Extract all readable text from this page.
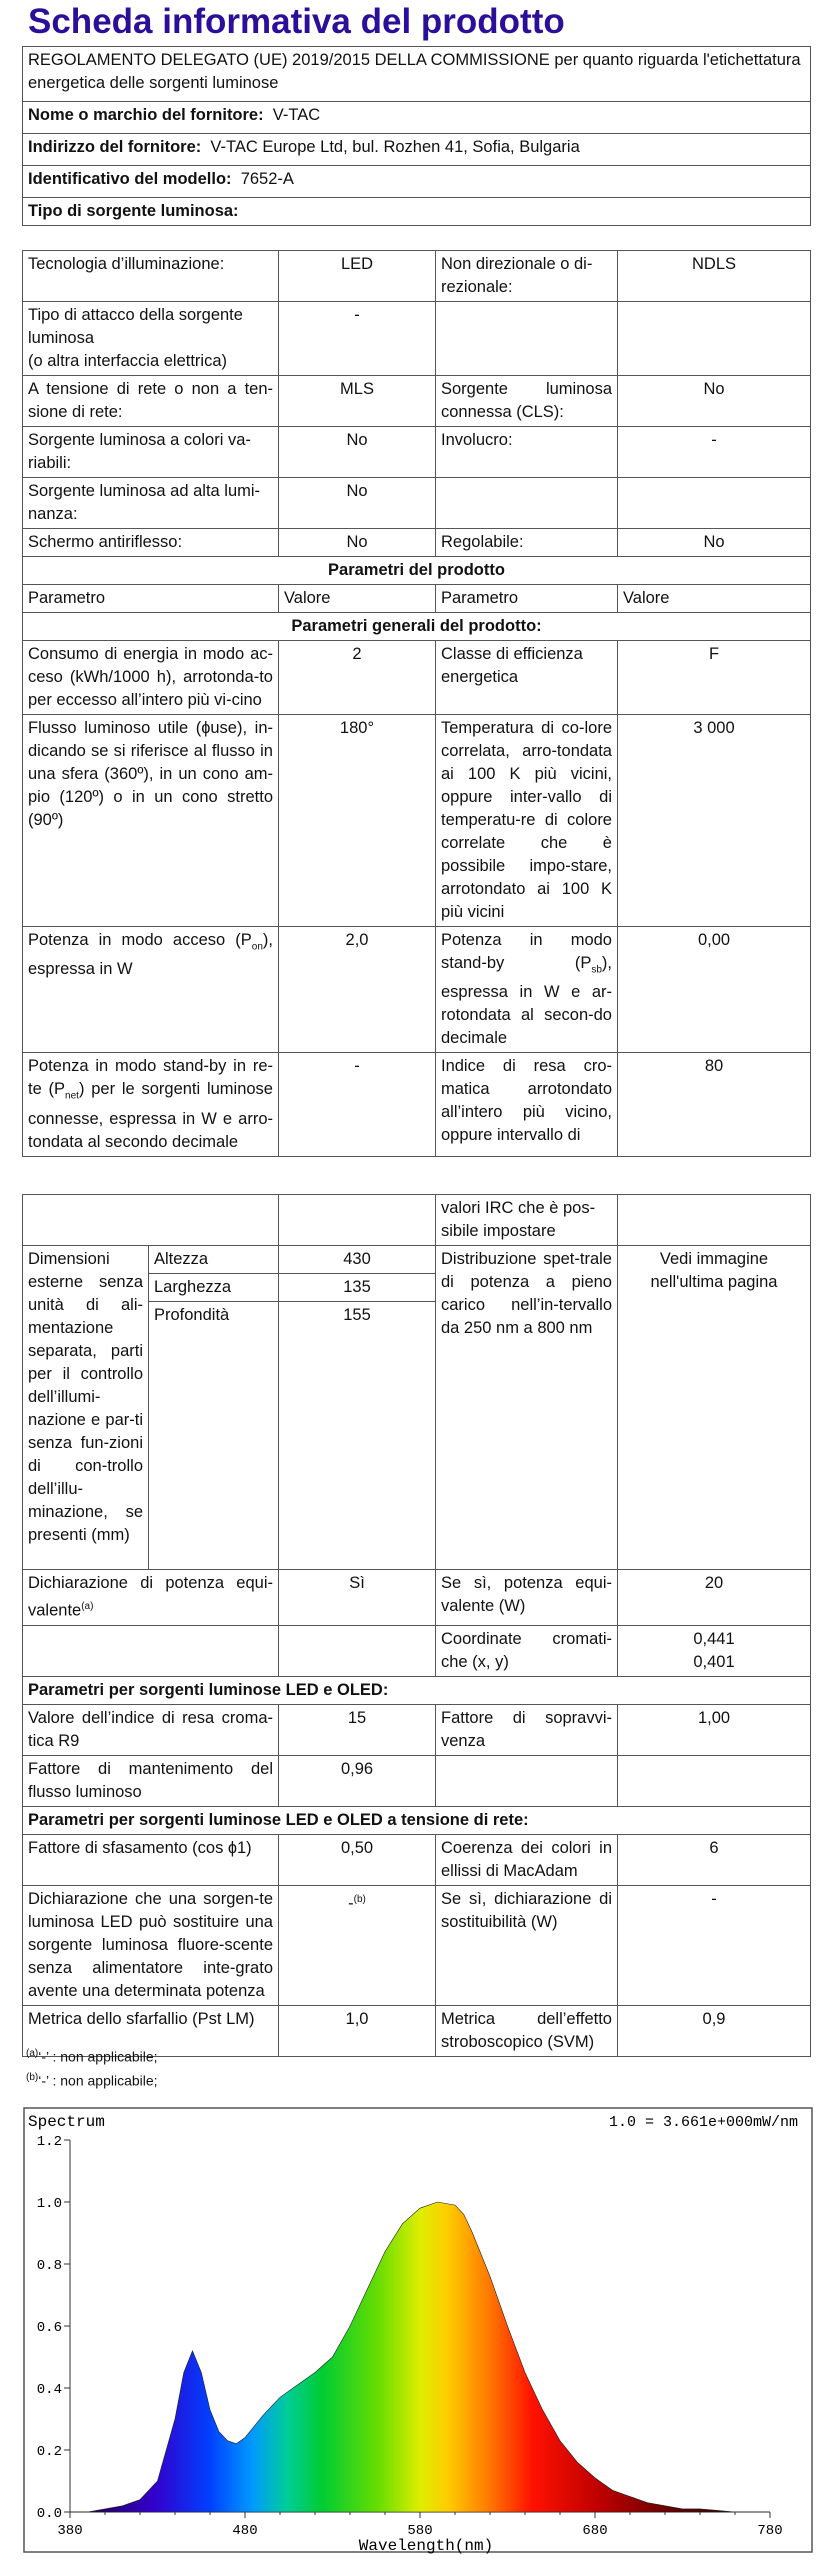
Scheda informativa del prodotto
REGOLAMENTO DELEGATO (UE) 2019/2015 DELLA COMMISSIONE per quanto riguarda l'etichettatura energetica delle sorgenti luminose
Nome o marchio del fornitore: V-TAC
Indirizzo del fornitore: V-TAC Europe Ltd, bul. Rozhen 41, Sofia, Bulgaria
Identificativo del modello: 7652-A
Tipo di sorgente luminosa:
Tecnologia d’illuminazione:	LED	Non direzionale o di-rezionale:	NDLS
Tipo di attacco della sorgente luminosa
(o altra interfaccia elettrica)	-		
A tensione di rete o non a ten-sione di rete:	MLS	Sorgente luminosa connessa (CLS):	No
Sorgente luminosa a colori va-riabili:	No	Involucro:	-
Sorgente luminosa ad alta lumi-nanza:	No		
Schermo antiriflesso:	No	Regolabile:	No
Parametri del prodotto			
Parametro	Valore	Parametro	Valore
Parametri generali del prodotto:			
Consumo di energia in modo ac-ceso (kWh/1000 h), arrotonda-to per eccesso all’intero più vi-cino	2	Classe di efficienza energetica	F
Flusso luminoso utile (ɸuse), in-dicando se si riferisce al flusso in una sfera (360º), in un cono am-pio (120º) o in un cono stretto (90º)	180°	Temperatura di co-lore correlata, arro-tondata ai 100 K più vicini, oppure inter-vallo di temperatu-re di colore correlate che è possibile impo-stare, arrotondato ai 100 K più vicini	3 000
Potenza in modo acceso $(P_{on})$, espressa in W	2,0	Potenza in modo stand-by $(P_{sb})$, espressa in W e ar-rotondata al secon-do decimale	0,00
Potenza in modo stand-by in re-te $(P_{net})$ per le sorgenti luminose connesse, espressa in W e arro-tondata al secondo decimale	-	Indice di resa cro-matica arrotondato all’intero più vicino, oppure intervallo di	80
			valori IRC che è pos-sibile impostare	
Dimensioni esterne senza unità di ali-mentazione separata, parti per il controllo dell’illumi-nazione e par-ti senza fun-zioni di con-trollo dell’illu-minazione, se presenti (mm)	Altezza	430	Distribuzione spet-trale di potenza a pieno carico nell’in-tervallo da 250 nm a 800 nm	Vedi immagine nell'ultima pagina
	Larghezza	135		
	Profondità	155		

Dichiarazione di potenza equi-valente$^{(a)}$		Sì	Se sì, potenza equi-valente (W)	20
			Coordinate cromati-che (x, y)	0,441
0,401
Parametri per sorgenti luminose LED e OLED:				
Valore dell’indice di resa croma-tica R9		15	Fattore di sopravvi-venza	1,00
Fattore di mantenimento del flusso luminoso		0,96		
Parametri per sorgenti luminose LED e OLED a tensione di rete:				
Fattore di sfasamento (cos ɸ1)		0,50	Coerenza dei colori in ellissi di MacAdam	6
Dichiarazione che una sorgen-te luminosa LED può sostituire una sorgente luminosa fluore-scente senza alimentatore inte-grato avente una determinata potenza		-$^{(b)}$	Se sì, dichiarazione di sostituibilità (W)	-
Metrica dello sfarfallio (Pst LM)		1,0	Metrica dell’effetto stroboscopico (SVM)	0,9
$^{(a)}$‘-’ : non applicabile;
$^{(b)}$‘-’ : non applicabile;
Spectrum	1.0 = 3.661e+000mW/nm
Wavelength(nm)
0.0
0.2
0.4
0.6
0.8
1.0
1.2
380	480	580	680	780
